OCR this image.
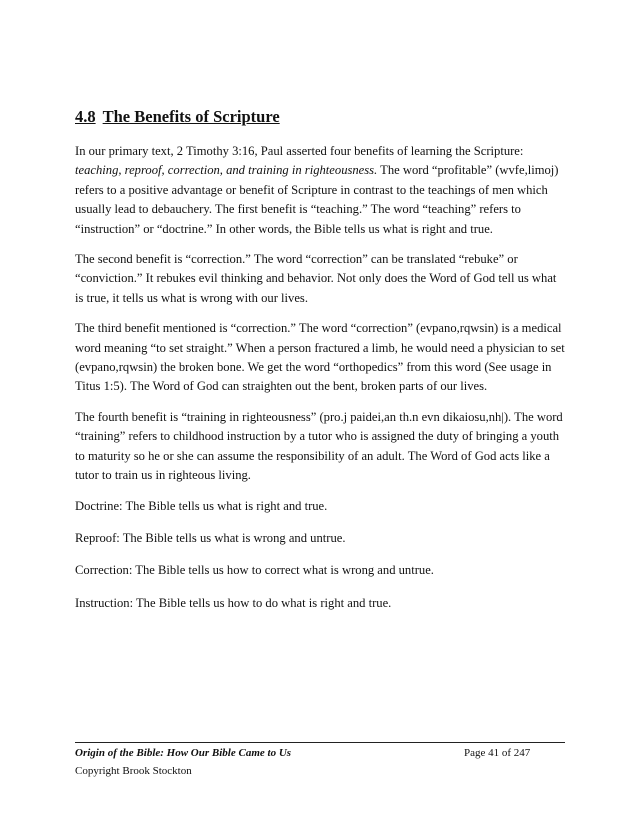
4.8 The Benefits of Scripture

In our primary text, 2 Timothy 3:16, Paul asserted four benefits of learning the Scripture: teaching, reproof, correction, and training in righteousness. The word “profitable” (wvfe,limoj) refers to a positive advantage or benefit of Scripture in contrast to the teachings of men which usually lead to debauchery. The first benefit is “teaching.” The word “teaching” refers to “instruction” or “doctrine.” In other words, the Bible tells us what is right and true.

The second benefit is “correction.” The word “correction” can be translated “rebuke” or “conviction.” It rebukes evil thinking and behavior. Not only does the Word of God tell us what is true, it tells us what is wrong with our lives.

The third benefit mentioned is “correction.” The word “correction” (evpano,rqwsin) is a medical word meaning “to set straight.” When a person fractured a limb, he would need a physician to set (evpano,rqwsin) the broken bone. We get the word “orthopedics” from this word (See usage in Titus 1:5). The Word of God can straighten out the bent, broken parts of our lives.

The fourth benefit is “training in righteousness” (pro.j paidei,an th.n evn dikaiosu,nh|). The word “training” refers to childhood instruction by a tutor who is assigned the duty of bringing a youth to maturity so he or she can assume the responsibility of an adult. The Word of God acts like a tutor to train us in righteous living.

Doctrine: The Bible tells us what is right and true.

Reproof: The Bible tells us what is wrong and untrue.

Correction: The Bible tells us how to correct what is wrong and untrue.

Instruction: The Bible tells us how to do what is right and true.

Origin of the Bible: How Our Bible Came to Us	Page 41 of 247
Copyright Brook Stockton
